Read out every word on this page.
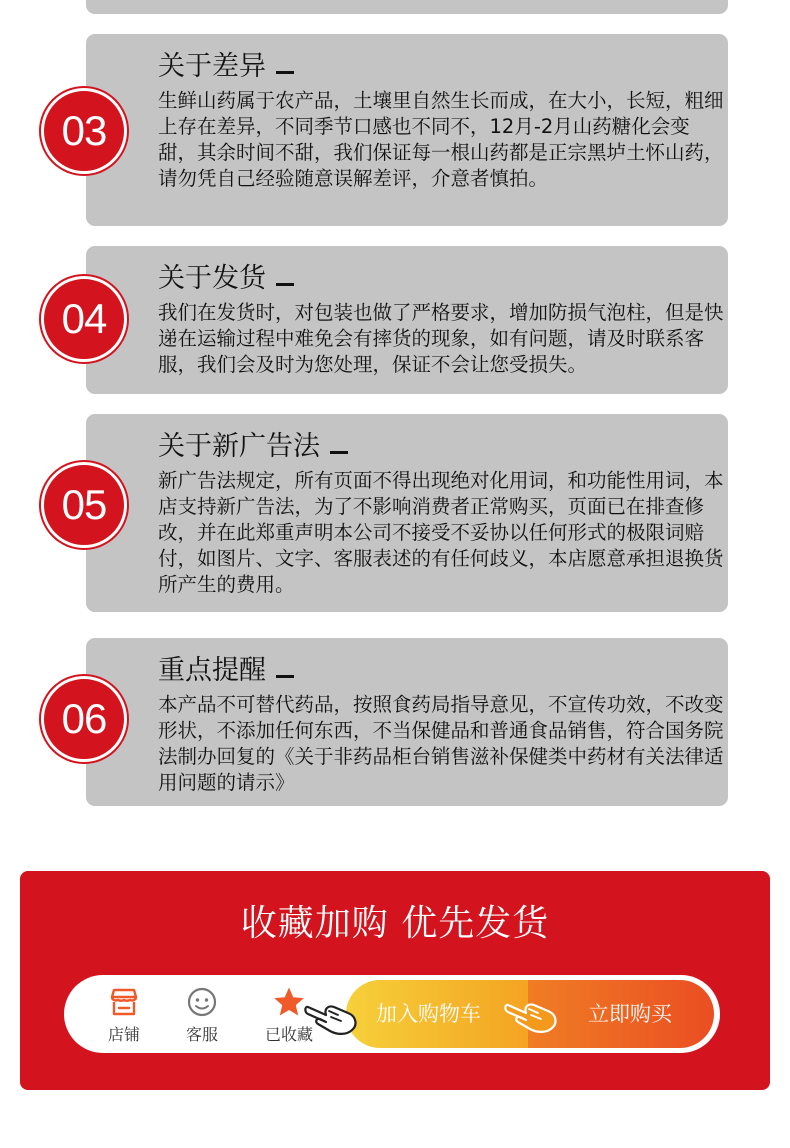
关于差异
生鲜山药属于农产品，土壤里自然生长而成，在大小，长短，粗细上存在差异，不同季节口感也不同不，12月-2月山药糖化会变甜，其余时间不甜，我们保证每一根山药都是正宗黑垆土怀山药，请勿凭自己经验随意误解差评，介意者慎拍。
03
关于发货
我们在发货时，对包装也做了严格要求，增加防损气泡柱，但是快递在运输过程中难免会有摔货的现象，如有问题，请及时联系客服，我们会及时为您处理，保证不会让您受损失。
04
关于新广告法
新广告法规定，所有页面不得出现绝对化用词，和功能性用词，本店支持新广告法，为了不影响消费者正常购买，页面已在排查修改，并在此郑重声明本公司不接受不妥协以任何形式的极限词赔付，如图片、文字、客服表述的有任何歧义，本店愿意承担退换货所产生的费用。
05
重点提醒
本产品不可替代药品，按照食药局指导意见，不宣传功效，不改变形状，不添加任何东西，不当保健品和普通食品销售，符合国务院法制办回复的《关于非药品柜台销售滋补保健类中药材有关法律适用问题的请示》
06
收藏加购 优先发货
店铺	客服	已收藏
加入购物车	立即购买
